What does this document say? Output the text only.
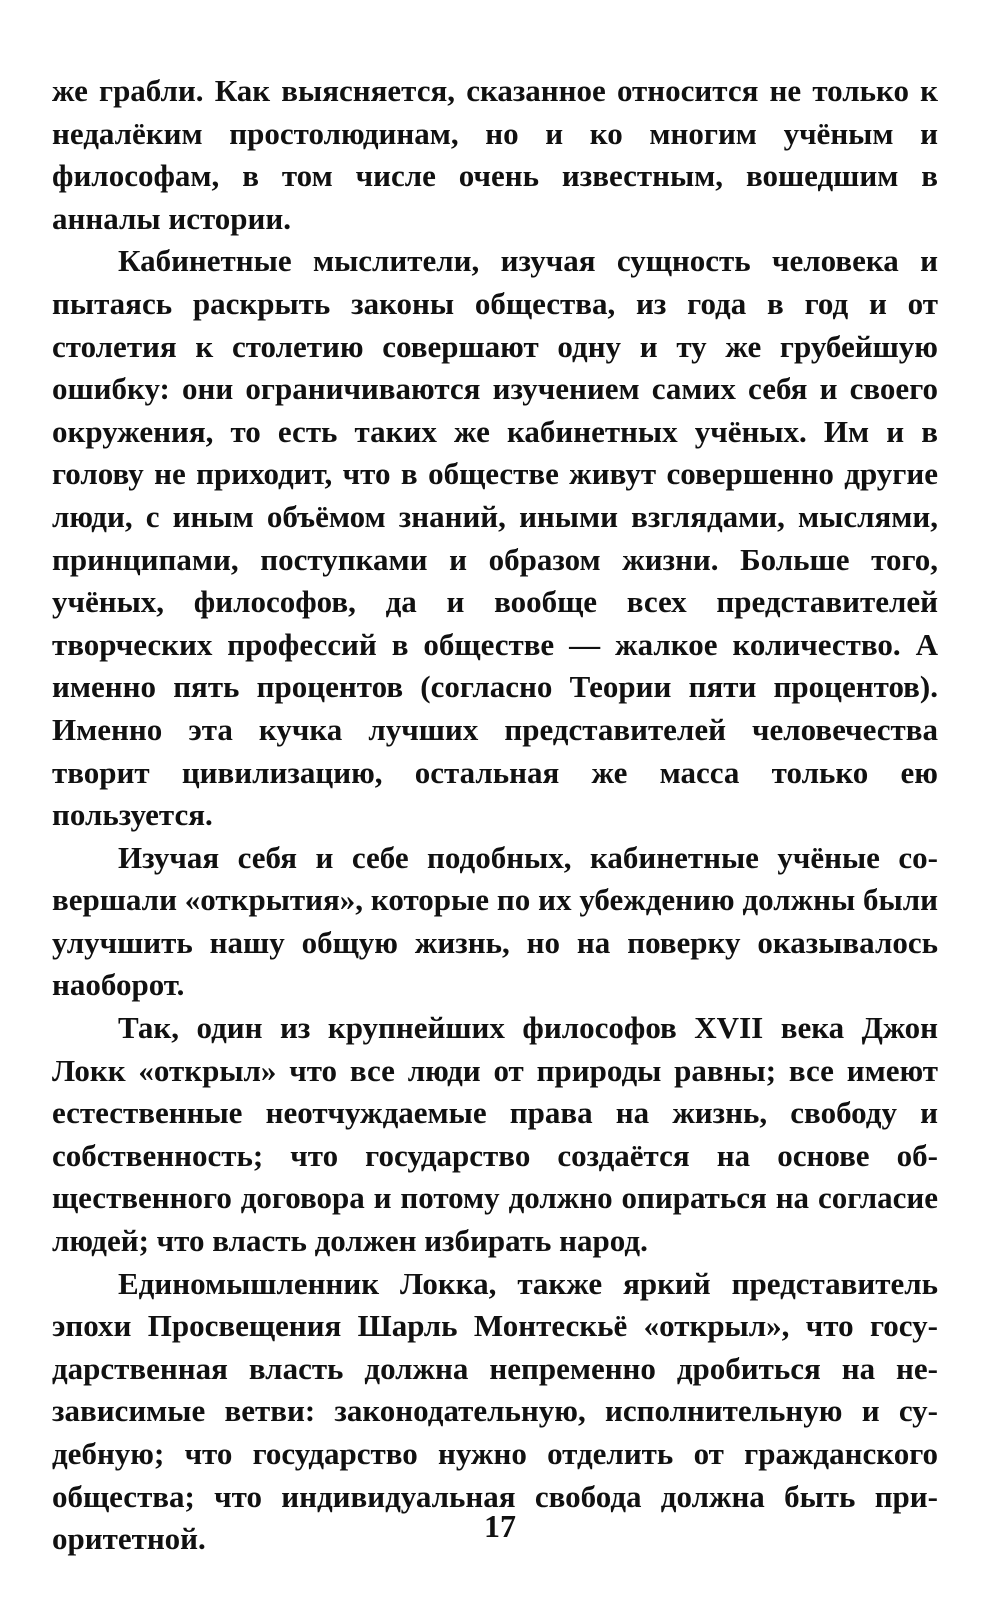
же грабли. Как выясняется, сказанное относится не только к недалёким простолюдинам, но и ко многим учёным и философам, в том числе очень известным, вошедшим в анналы истории.

Кабинетные мыслители, изучая сущность человека и пытаясь раскрыть законы общества, из года в год и от столетия к столетию совершают одну и ту же грубейшую ошибку: они ограничиваются изучением самих себя и своего окружения, то есть таких же кабинетных учёных. Им и в голову не приходит, что в обществе живут совершенно другие люди, с иным объёмом знаний, иными взглядами, мыслями, принципами, поступками и образом жизни. Больше того, учёных, философов, да и вообще всех представителей творческих профессий в обществе — жалкое количество. А именно пять процентов (согласно Теории пяти процентов). Именно эта кучка лучших представителей человечества творит цивилизацию, остальная же масса только ею пользуется.

Изучая себя и себе подобных, кабинетные учёные совершали «открытия», которые по их убеждению должны были улучшить нашу общую жизнь, но на поверку оказывалось наоборот.

Так, один из крупнейших философов XVII века Джон Локк «открыл» что все люди от природы равны; все имеют естественные неотчуждаемые права на жизнь, свободу и собственность; что государство создаётся на основе общественного договора и потому должно опираться на согласие людей; что власть должен избирать народ.

Единомышленник Локка, также яркий представитель эпохи Просвещения Шарль Монтескьё «открыл», что государственная власть должна непременно дробиться на независимые ветви: законодательную, исполнительную и судебную; что государство нужно отделить от гражданского общества; что индивидуальная свобода должна быть приоритетной.	17
